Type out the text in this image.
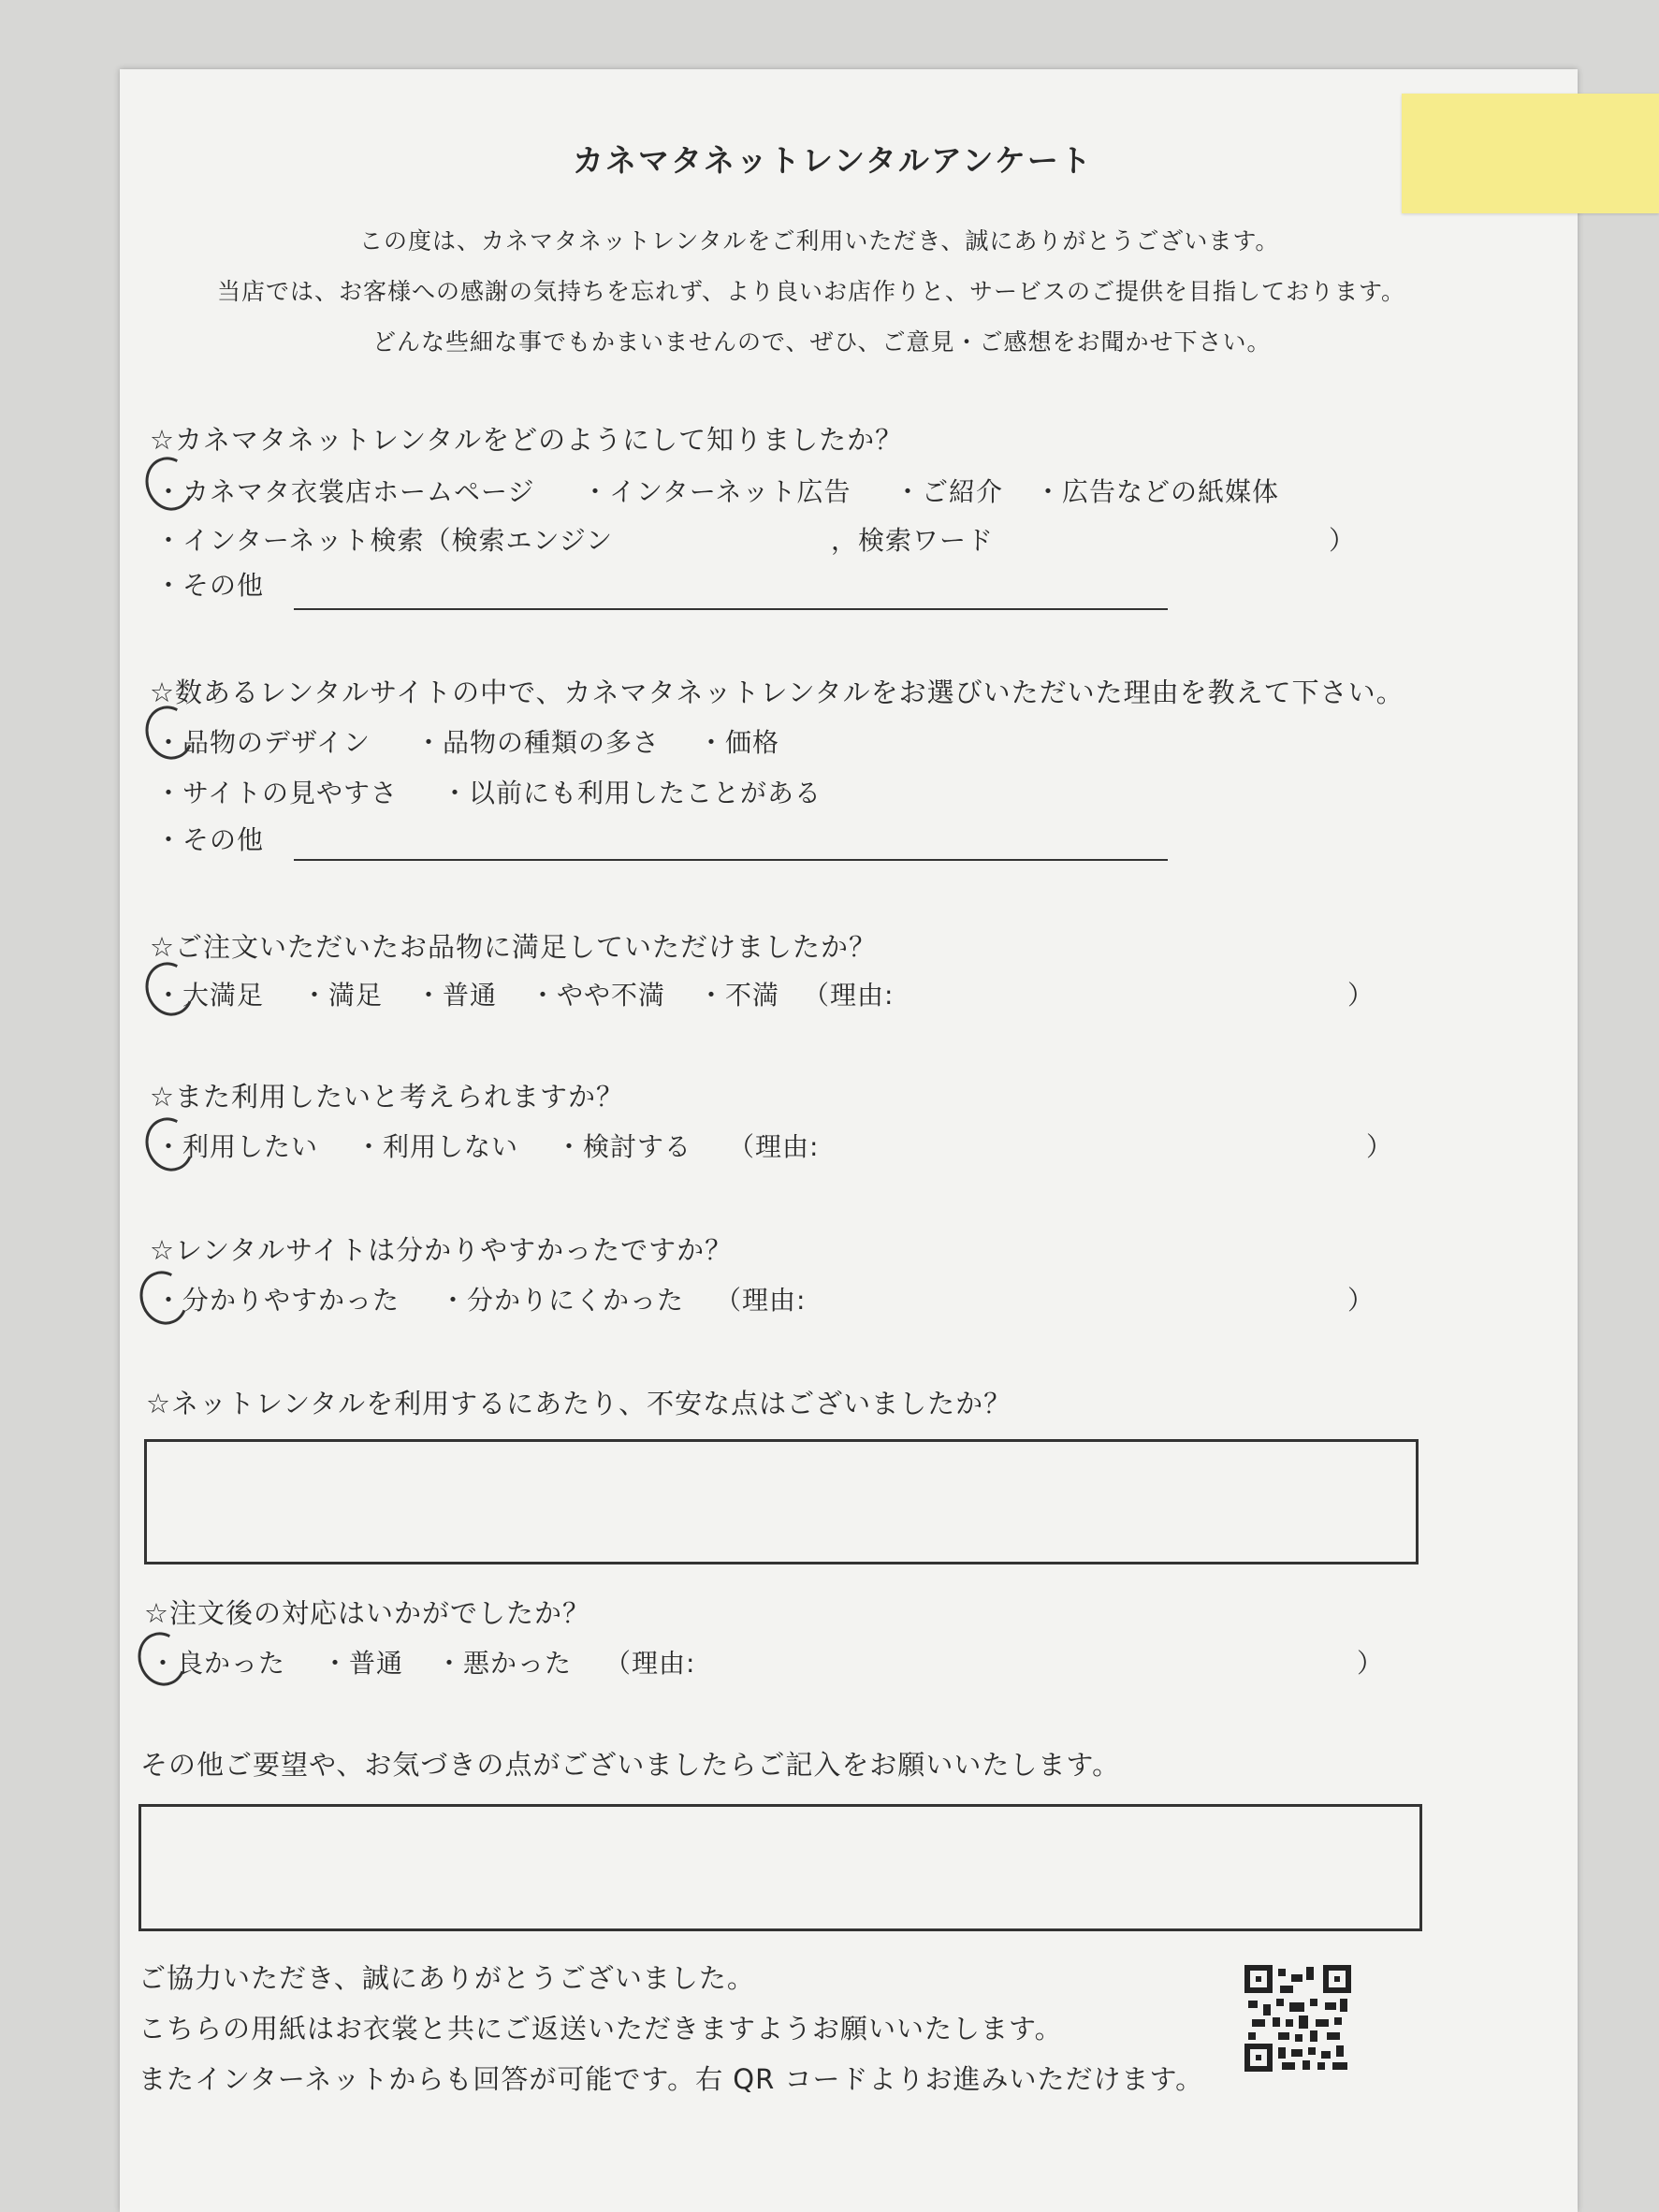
カネマタネットレンタルアンケート
この度は、カネマタネットレンタルをご利用いただき、誠にありがとうございます。
当店では、お客様への感謝の気持ちを忘れず、より良いお店作りと、サービスのご提供を目指しております。
どんな些細な事でもかまいませんので、ぜひ、ご意見・ご感想をお聞かせ下さい。
☆カネマタネットレンタルをどのようにして知りましたか？
・カネマタ衣裳店ホームページ ・インターネット広告 ・ご紹介 ・広告などの紙媒体
・インターネット検索（検索エンジン	，検索ワード	）
・その他
☆数あるレンタルサイトの中で、カネマタネットレンタルをお選びいただいた理由を教えて下さい。
・品物のデザイン ・品物の種類の多さ ・価格
・サイトの見やすさ ・以前にも利用したことがある
・その他
☆ご注文いただいたお品物に満足していただけましたか？
・大満足 ・満足 ・普通 ・やや不満 ・不満 （理由:	）
☆また利用したいと考えられますか？
・利用したい ・利用しない ・検討する （理由:	）
☆レンタルサイトは分かりやすかったですか？
・分かりやすかった ・分かりにくかった （理由:	）
☆ネットレンタルを利用するにあたり、不安な点はございましたか？
☆注文後の対応はいかがでしたか？
・良かった ・普通 ・悪かった （理由:	）
その他ご要望や、お気づきの点がございましたらご記入をお願いいたします。
ご協力いただき、誠にありがとうございました。
こちらの用紙はお衣裳と共にご返送いただきますようお願いいたします。
またインターネットからも回答が可能です。右 QR コードよりお進みいただけます。
